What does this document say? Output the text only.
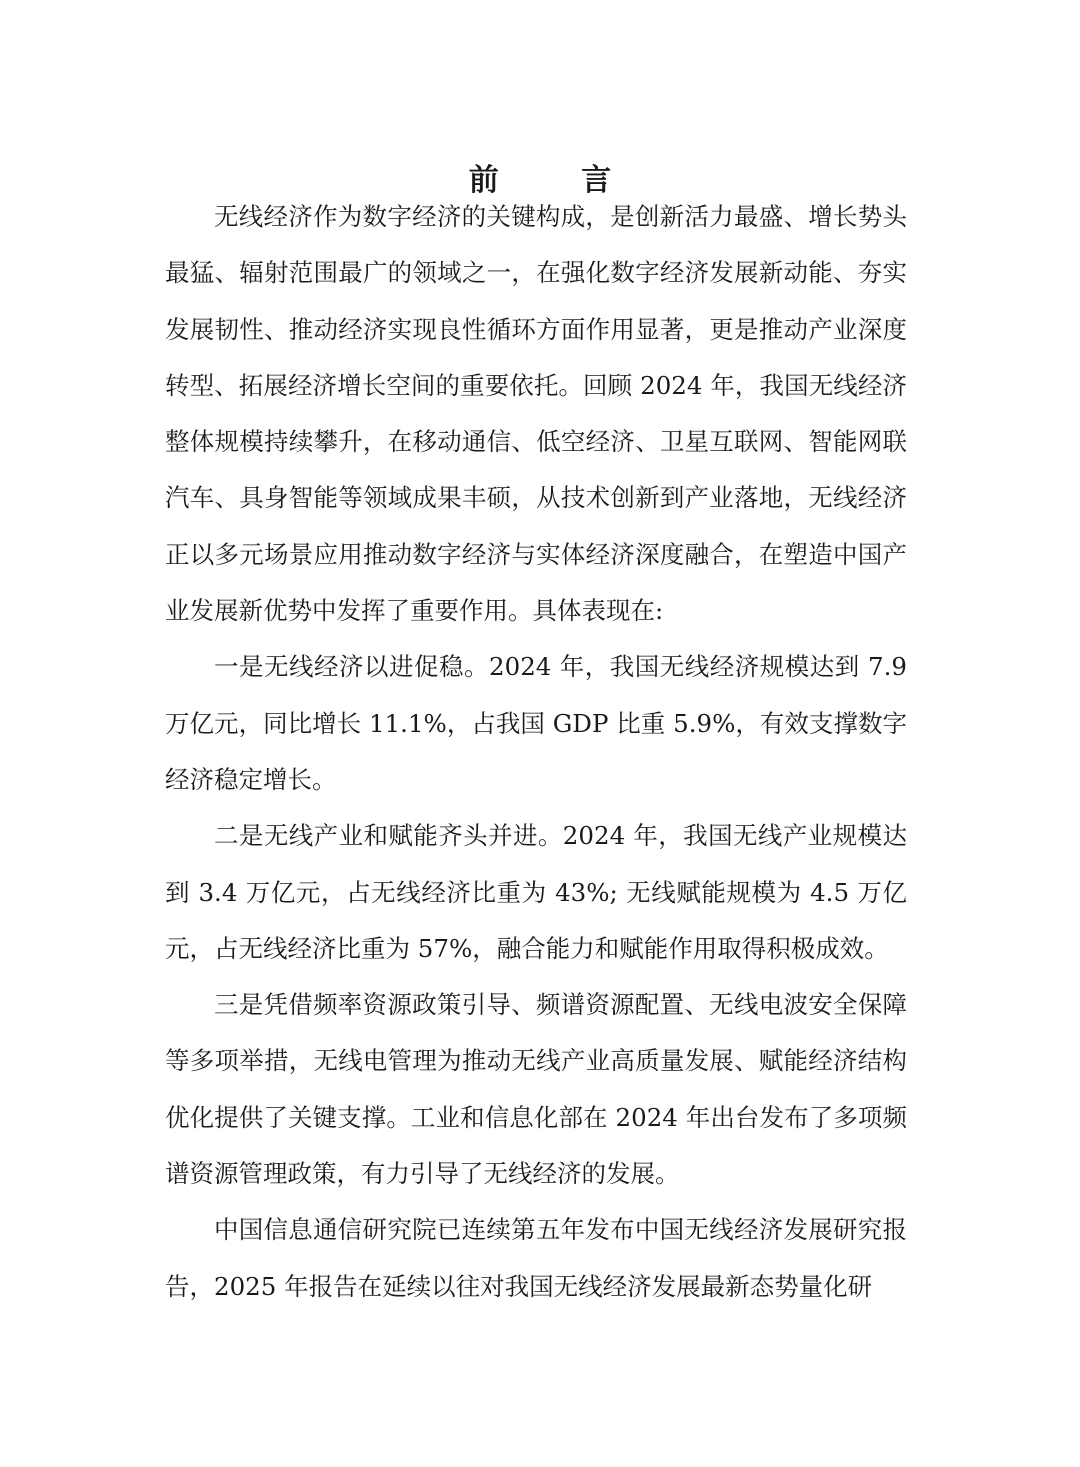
前 言

无线经济作为数字经济的关键构成，是创新活力最盛、增长势头最猛、辐射范围最广的领域之一，在强化数字经济发展新动能、夯实发展韧性、推动经济实现良性循环方面作用显著，更是推动产业深度转型、拓展经济增长空间的重要依托。回顾 2024 年，我国无线经济整体规模持续攀升，在移动通信、低空经济、卫星互联网、智能网联汽车、具身智能等领域成果丰硕，从技术创新到产业落地，无线经济正以多元场景应用推动数字经济与实体经济深度融合，在塑造中国产业发展新优势中发挥了重要作用。具体表现在:

一是无线经济以进促稳。2024 年，我国无线经济规模达到 7.9 万亿元，同比增长 11.1%，占我国 GDP 比重 5.9%，有效支撑数字经济稳定增长。

二是无线产业和赋能齐头并进。2024 年，我国无线产业规模达到 3.4 万亿元，占无线经济比重为 43%; 无线赋能规模为 4.5 万亿元，占无线经济比重为 57%，融合能力和赋能作用取得积极成效。

三是凭借频率资源政策引导、频谱资源配置、无线电波安全保障等多项举措，无线电管理为推动无线产业高质量发展、赋能经济结构优化提供了关键支撑。工业和信息化部在 2024 年出台发布了多项频谱资源管理政策，有力引导了无线经济的发展。

中国信息通信研究院已连续第五年发布中国无线经济发展研究报告，2025 年报告在延续以往对我国无线经济发展最新态势量化研
